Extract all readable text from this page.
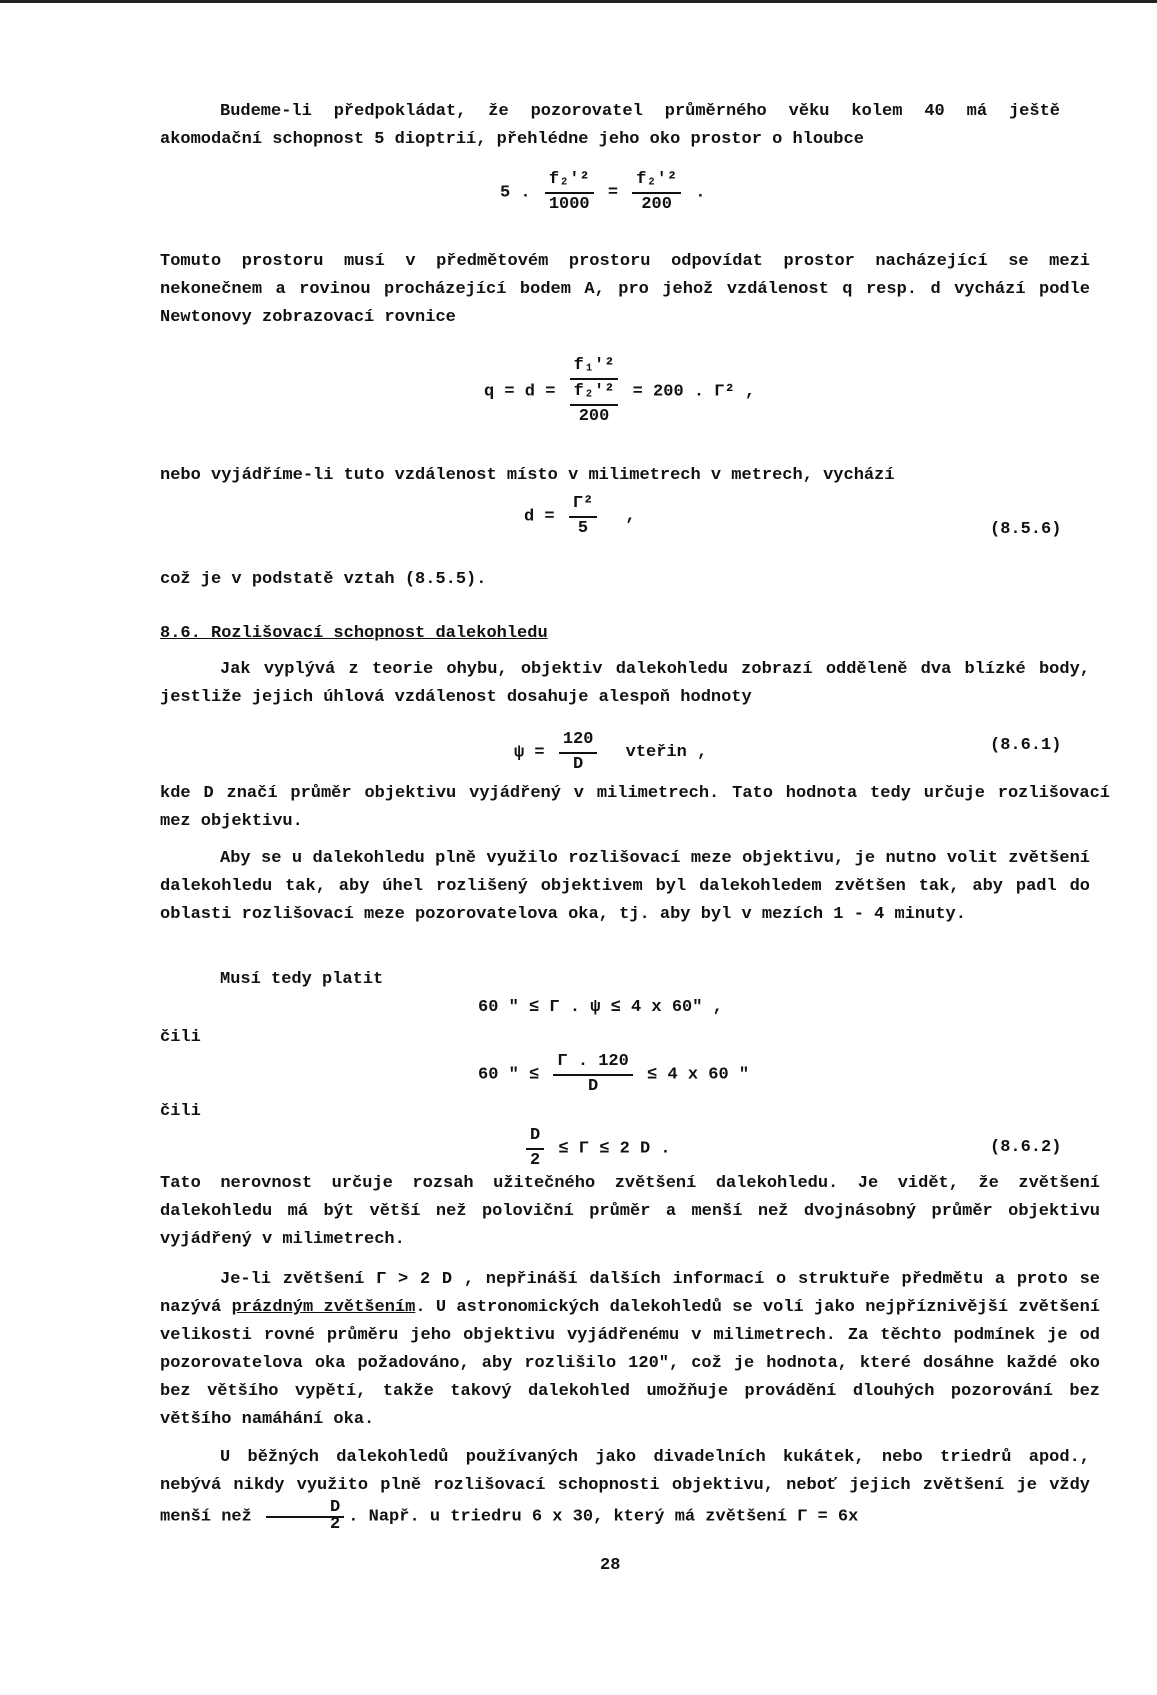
Budeme-li předpokládat, že pozorovatel průměrného věku kolem 40 má ještě akomodační schopnost 5 dioptrií, přehlédne jeho oko prostor o hloubce

5 . $\frac{\text{f₂'²}}{1000} = \frac{\text{f₂'²}}{200}$ .

Tomuto prostoru musí v předmětovém prostoru odpovídat prostor nacházející se mezi nekonečnem a rovinou procházející bodem A, pro jehož vzdálenost q resp. d vychází podle Newtonovy zobrazovací rovnice

$q = d = \frac{\text{f₁'²}}{\frac{\text{f₂'²}}{200}} = 200$ . Γ² ,

nebo vyjádříme-li tuto vzdálenost místo v milimetrech v metrech, vychází

$d = \frac{\text{Γ²}}{5}$ ,
(8.5.6)

což je v podstatě vztah (8.5.5).

8.6. Rozlišovací schopnost dalekohledu

Jak vyplývá z teorie ohybu, objektiv dalekohledu zobrazí odděleně dva blízké body, jestliže jejich úhlová vzdálenost dosahuje alespoň hodnoty

$\psi = \frac{120}{D}$ vteřin ,	(8.6.1)

kde D značí průměr objektivu vyjádřený v milimetrech. Tato hodnota tedy určuje rozlišovací mez objektivu.

Aby se u dalekohledu plně využilo rozlišovací meze objektivu, je nutno volit zvětšení dalekohledu tak, aby úhel rozlišený objektivem byl dalekohledem zvětšen tak, aby padl do oblasti rozlišovací meze pozorovatelova oka, tj. aby byl v mezích 1 - 4 minuty.

Musí tedy platit

60 " ≤ Γ . ψ ≤ 4 x 60" ,
čili
60 " ≤ $\frac{\Gamma . 120}{D} \le 4$ x 60 "
čili
$\frac{D}{2} \le \Gamma \le 2$ D .	(8.6.2)

Tato nerovnost určuje rozsah užitečného zvětšení dalekohledu. Je vidět, že zvětšení dalekohledu má být větší než poloviční průměr a menší než dvojnásobný průměr objektivu vyjádřený v milimetrech.

Je-li zvětšení Γ > 2 D , nepřináší dalších informací o struktuře předmětu a proto se nazývá prázdným zvětšením. U astronomických dalekohledů se volí jako nejpříznivější zvětšení velikosti rovné průměru jeho objektivu vyjádřenému v milimetrech. Za těchto podmínek je od pozorovatelova oka požadováno, aby rozlišilo 120", což je hodnota, které dosáhne každé oko bez většího vypětí, takže takový dalekohled umožňuje provádění dlouhých pozorování bez většího namáhání oka.

U běžných dalekohledů používaných jako divadelních kukátek, nebo triedrů apod., nebývá nikdy využito plně rozlišovací schopnosti objektivu, neboť jejich zvětšení je vždy menší než $\frac{D}{2}$ . Např. u triedru 6 x 30, který má zvětšení Γ = 6x

28
